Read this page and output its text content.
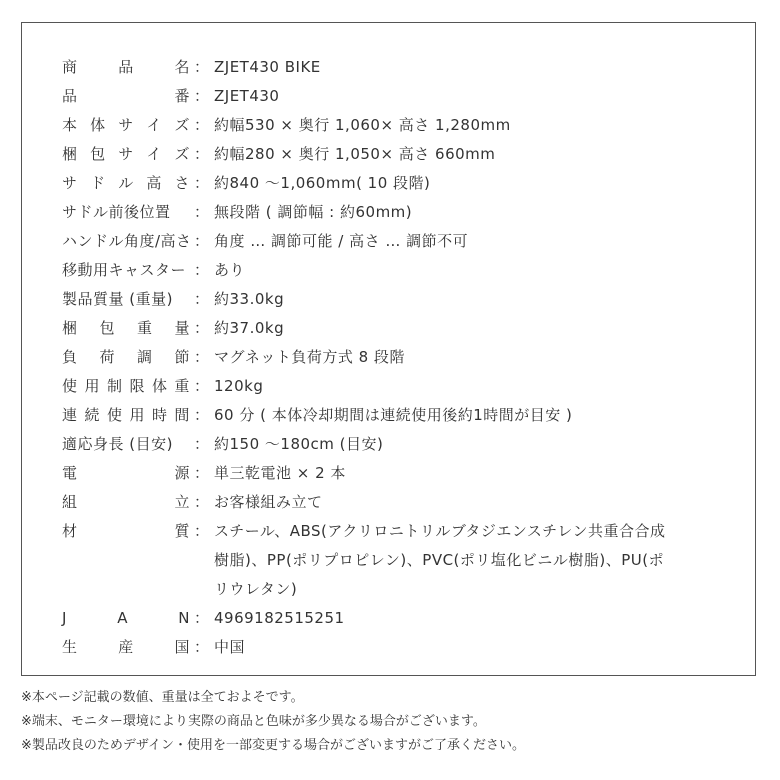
商	品	名 ： ZJET430 BIKE
品	番 ： ZJET430
本 体 サ イ ズ ： 約幅530 × 奥行 1,060× 高さ 1,280mm
梱 包 サ イ ズ ： 約幅280 × 奥行 1,050× 高さ 660mm
サ ド ル 高 さ ： 約840 ～1,060mm( 10 段階)
サドル前後位置 ： 無段階 ( 調節幅 : 約60mm)
ハンドル角度/高さ ： 角度 … 調節可能 / 高さ … 調節不可
移動用キャスター ： あり
製品質量 (重量) ： 約33.0kg
梱 包 重 量 ： 約37.0kg
負 荷 調 節 ： マグネット負荷方式 8 段階
使 用 制 限 体 重 ： 120kg
連 続 使 用 時 間 ： 60 分 ( 本体冷却期間は連続使用後約1時間が目安 )
適応身長 (目安) ： 約150 ～180cm (目安)
電	源 ： 単三乾電池 × 2 本
組	立 ： お客様組み立て
材	質 ： スチール、ABS(アクリロニトリルブタジエンスチレン共重合合成
樹脂)、PP(ポリプロピレン)、PVC(ポリ塩化ビニル樹脂)、PU(ポ
リウレタン)
J	A	N ： 4969182515251
生	産	国 ： 中国
※本ページ記載の数値、重量は全ておよそです。
※端末、モニター環境により実際の商品と色味が多少異なる場合がございます。
※製品改良のためデザイン・使用を一部変更する場合がございますがご了承ください。
